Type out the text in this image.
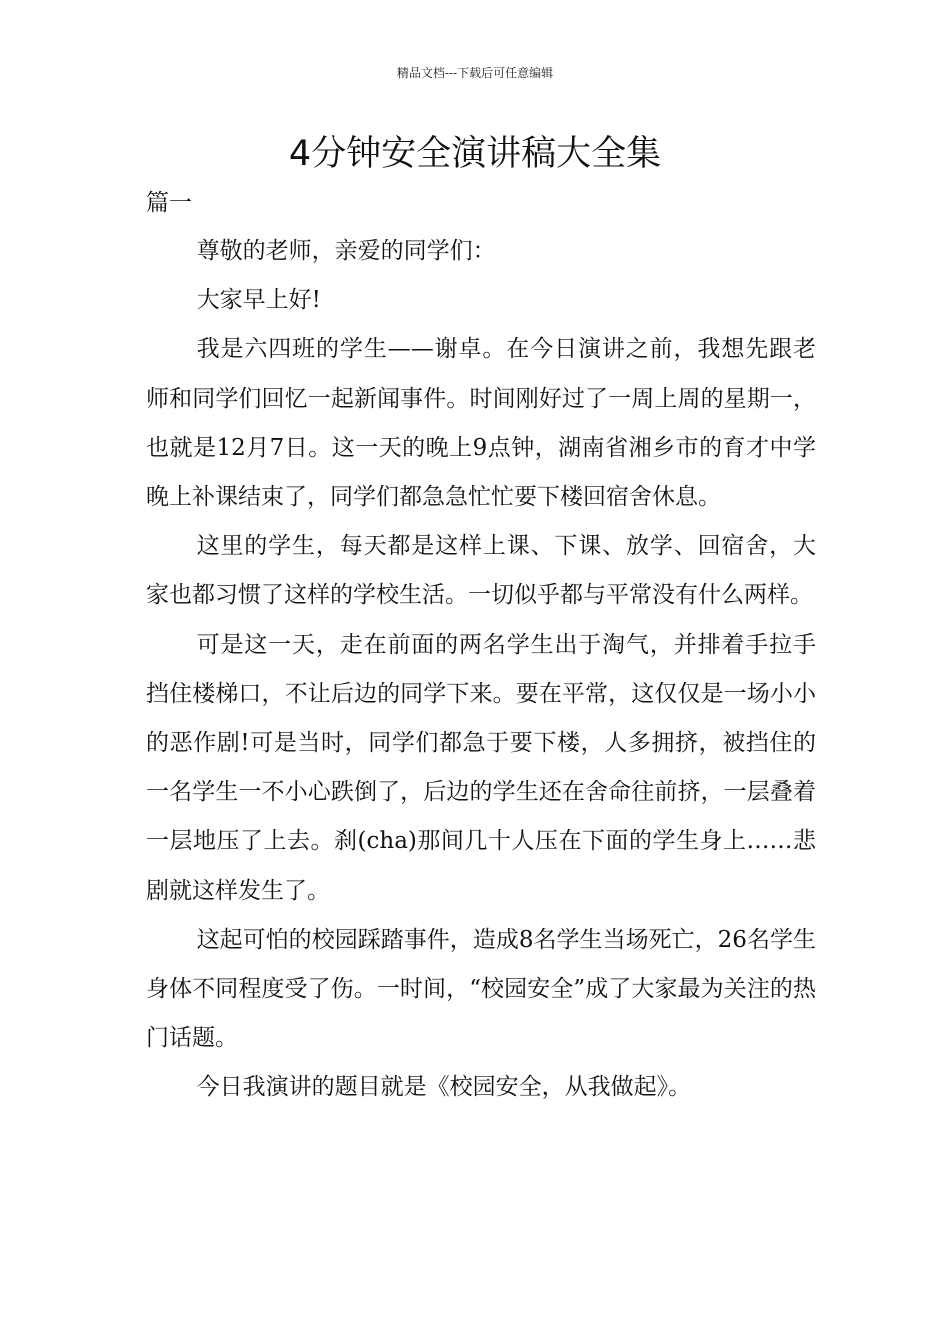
精品文档---下载后可任意编辑
4分钟安全演讲稿大全集

篇一

尊敬的老师，亲爱的同学们：

大家早上好!

我是六四班的学生——谢卓。在今日演讲之前，我想先跟老师和同学们回忆一起新闻事件。时间刚好过了一周上周的星期一，也就是12月7日。这一天的晚上9点钟，湖南省湘乡市的育才中学晚上补课结束了，同学们都急急忙忙要下楼回宿舍休息。

这里的学生，每天都是这样上课、下课、放学、回宿舍，大家也都习惯了这样的学校生活。一切似乎都与平常没有什么两样。

可是这一天，走在前面的两名学生出于淘气，并排着手拉手挡住楼梯口，不让后边的同学下来。要在平常，这仅仅是一场小小的恶作剧!可是当时，同学们都急于要下楼，人多拥挤，被挡住的一名学生一不小心跌倒了，后边的学生还在舍命往前挤，一层叠着一层地压了上去。刹(cha)那间几十人压在下面的学生身上……悲剧就这样发生了。

这起可怕的校园踩踏事件，造成8名学生当场死亡，26名学生身体不同程度受了伤。一时间，“校园安全”成了大家最为关注的热门话题。

今日我演讲的题目就是《校园安全，从我做起》。
